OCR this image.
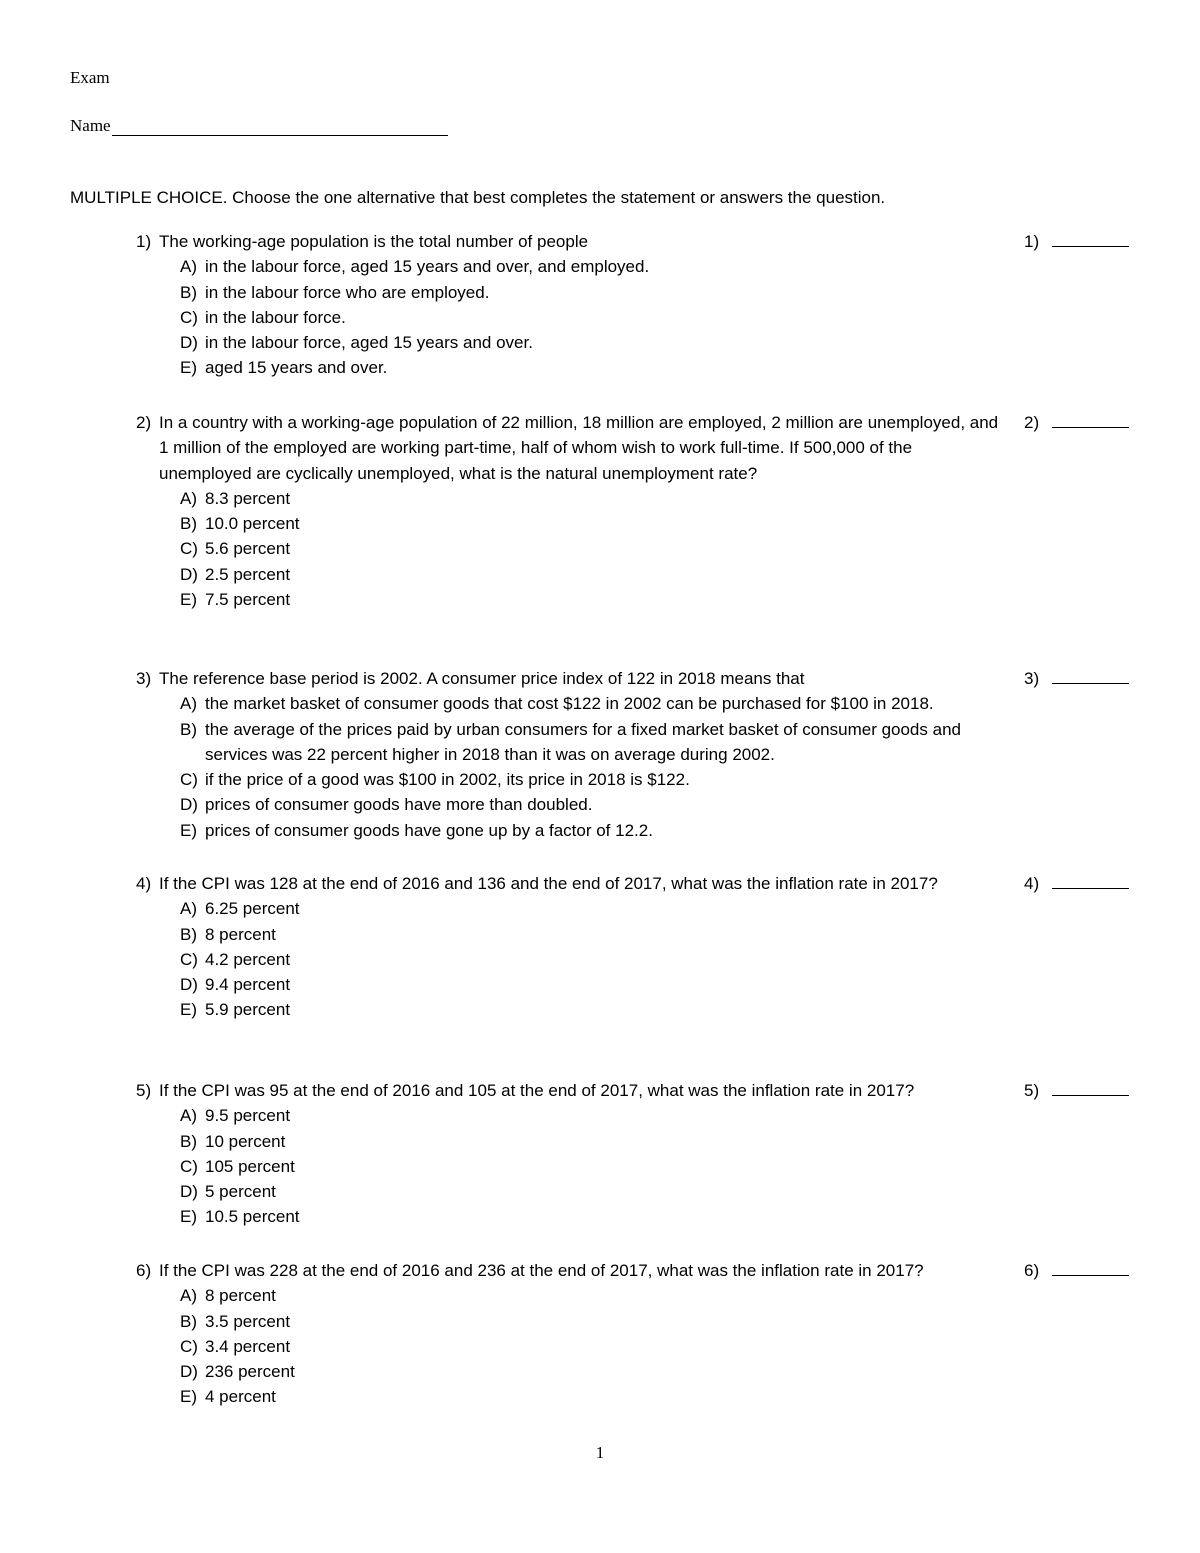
Exam
Name
MULTIPLE CHOICE. Choose the one alternative that best completes the statement or answers the question.
1) The working-age population is the total number of people
A) in the labour force, aged 15 years and over, and employed.
B) in the labour force who are employed.
C) in the labour force.
D) in the labour force, aged 15 years and over.
E) aged 15 years and over.
1)
2) In a country with a working-age population of 22 million, 18 million are employed, 2 million are unemployed, and 1 million of the employed are working part-time, half of whom wish to work full-time. If 500,000 of the unemployed are cyclically unemployed, what is the natural unemployment rate?
A) 8.3 percent
B) 10.0 percent
C) 5.6 percent
D) 2.5 percent
E) 7.5 percent
2)
3) The reference base period is 2002. A consumer price index of 122 in 2018 means that
A) the market basket of consumer goods that cost $122 in 2002 can be purchased for $100 in 2018.
B) the average of the prices paid by urban consumers for a fixed market basket of consumer goods and services was 22 percent higher in 2018 than it was on average during 2002.
C) if the price of a good was $100 in 2002, its price in 2018 is $122.
D) prices of consumer goods have more than doubled.
E) prices of consumer goods have gone up by a factor of 12.2.
3)
4) If the CPI was 128 at the end of 2016 and 136 and the end of 2017, what was the inflation rate in 2017?
A) 6.25 percent
B) 8 percent
C) 4.2 percent
D) 9.4 percent
E) 5.9 percent
4)
5) If the CPI was 95 at the end of 2016 and 105 at the end of 2017, what was the inflation rate in 2017?
A) 9.5 percent
B) 10 percent
C) 105 percent
D) 5 percent
E) 10.5 percent
5)
6) If the CPI was 228 at the end of 2016 and 236 at the end of 2017, what was the inflation rate in 2017?
A) 8 percent
B) 3.5 percent
C) 3.4 percent
D) 236 percent
E) 4 percent
6)
1
